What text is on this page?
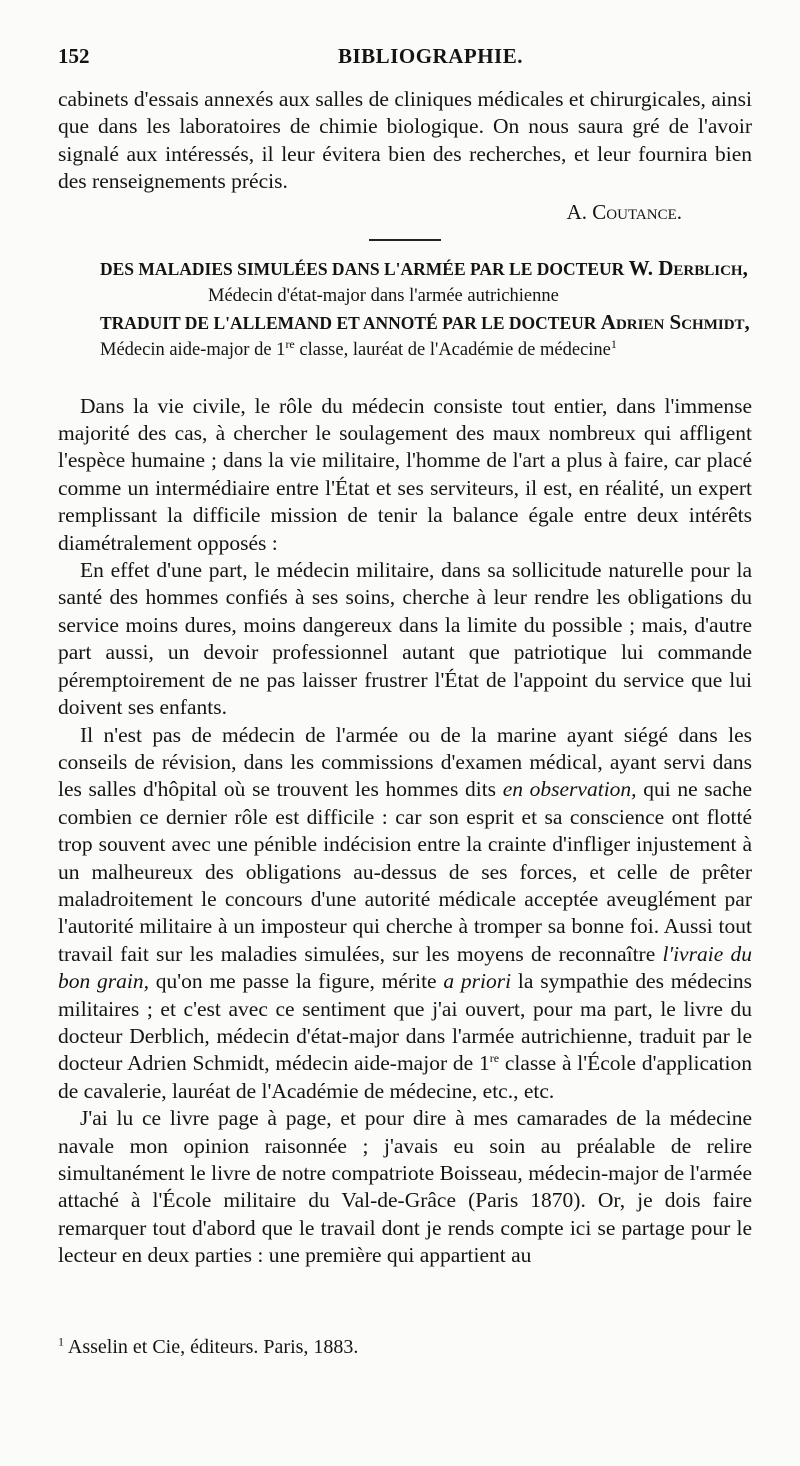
152	BIBLIOGRAPHIE.

cabinets d'essais annexés aux salles de cliniques médicales et chirurgicales, ainsi que dans les laboratoires de chimie biologique. On nous saura gré de l'avoir signalé aux intéressés, il leur évitera bien des recherches, et leur fournira bien des renseignements précis.

A. Coutance.
DES MALADIES SIMULÉES DANS L'ARMÉE PAR LE DOCTEUR W. Derblich,
Médecin d'état-major dans l'armée autrichienne
TRADUIT DE L'ALLEMAND ET ANNOTÉ PAR LE DOCTEUR Adrien Schmidt,
Médecin aide-major de 1re classe, lauréat de l'Académie de médecine$^1$

Dans la vie civile, le rôle du médecin consiste tout entier, dans l'immense majorité des cas, à chercher le soulagement des maux nombreux qui affligent l'espèce humaine ; dans la vie militaire, l'homme de l'art a plus à faire, car placé comme un intermédiaire entre l'État et ses serviteurs, il est, en réalité, un expert remplissant la difficile mission de tenir la balance égale entre deux intérêts diamétralement opposés :

En effet d'une part, le médecin militaire, dans sa sollicitude naturelle pour la santé des hommes confiés à ses soins, cherche à leur rendre les obligations du service moins dures, moins dangereux dans la limite du possible ; mais, d'autre part aussi, un devoir professionnel autant que patriotique lui commande péremptoirement de ne pas laisser frustrer l'État de l'appoint du service que lui doivent ses enfants.

Il n'est pas de médecin de l'armée ou de la marine ayant siégé dans les conseils de révision, dans les commissions d'examen médical, ayant servi dans les salles d'hôpital où se trouvent les hommes dits en observation, qui ne sache combien ce dernier rôle est difficile : car son esprit et sa conscience ont flotté trop souvent avec une pénible indécision entre la crainte d'infliger injustement à un malheureux des obligations au-dessus de ses forces, et celle de prêter maladroitement le concours d'une autorité médicale acceptée aveuglément par l'autorité militaire à un imposteur qui cherche à tromper sa bonne foi. Aussi tout travail fait sur les maladies simulées, sur les moyens de reconnaître l'ivraie du bon grain, qu'on me passe la figure, mérite a priori la sympathie des médecins militaires ; et c'est avec ce sentiment que j'ai ouvert, pour ma part, le livre du docteur Derblich, médecin d'état-major dans l'armée autrichienne, traduit par le docteur Adrien Schmidt, médecin aide-major de 1re classe à l'École d'application de cavalerie, lauréat de l'Académie de médecine, etc., etc.

J'ai lu ce livre page à page, et pour dire à mes camarades de la médecine navale mon opinion raisonnée ; j'avais eu soin au préalable de relire simultanément le livre de notre compatriote Boisseau, médecin-major de l'armée attaché à l'École militaire du Val-de-Grâce (Paris 1870). Or, je dois faire remarquer tout d'abord que le travail dont je rends compte ici se partage pour le lecteur en deux parties : une première qui appartient au

$^1$ Asselin et Cie, éditeurs. Paris, 1883.
